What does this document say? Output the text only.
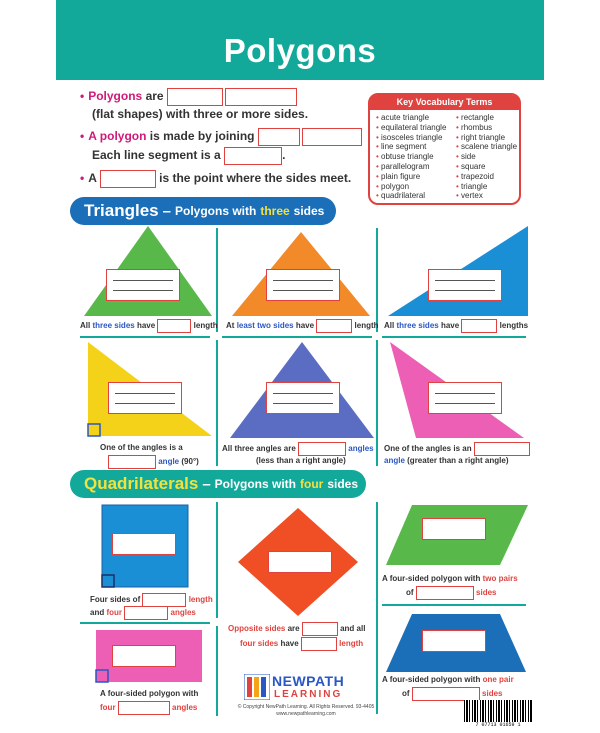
Polygons
• Polygons are
(flat shapes) with three or more sides.
• A polygon is made by joining
Each line segment is a	.
• A	is the point where the sides meet.
Key Vocabulary Terms
• acute triangle
• equilateral triangle
• isosceles triangle
• line segment
• obtuse triangle
• parallelogram
• plain figure
• polygon
• quadrilateral
• rectangle
• rhombus
• right triangle
• scalene triangle
• side
• square
• trapezoid
• triangle
• vertex
Triangles – Polygons with three sides
All three sides have	length At least two sides have	length All three sides have	lengths
One of the angles is a
angle (90°)
All three angles are	angles
(less than a right angle)
One of the angles is an
angle (greater than a right angle)
Quadrilaterals – Polygons with four sides
Four sides of	length
and four	angles
Opposite sides are	and all
four sides have	length
A four-sided polygon with two pairs
of	sides
A four-sided polygon with
four	angles
A four-sided polygon with one pair
of	sides
NEWPATH
LEARNING
© Copyright NewPath Learning. All Rights Reserved. 93-4405
www.newpathlearning.com
7 07713 01659 1
